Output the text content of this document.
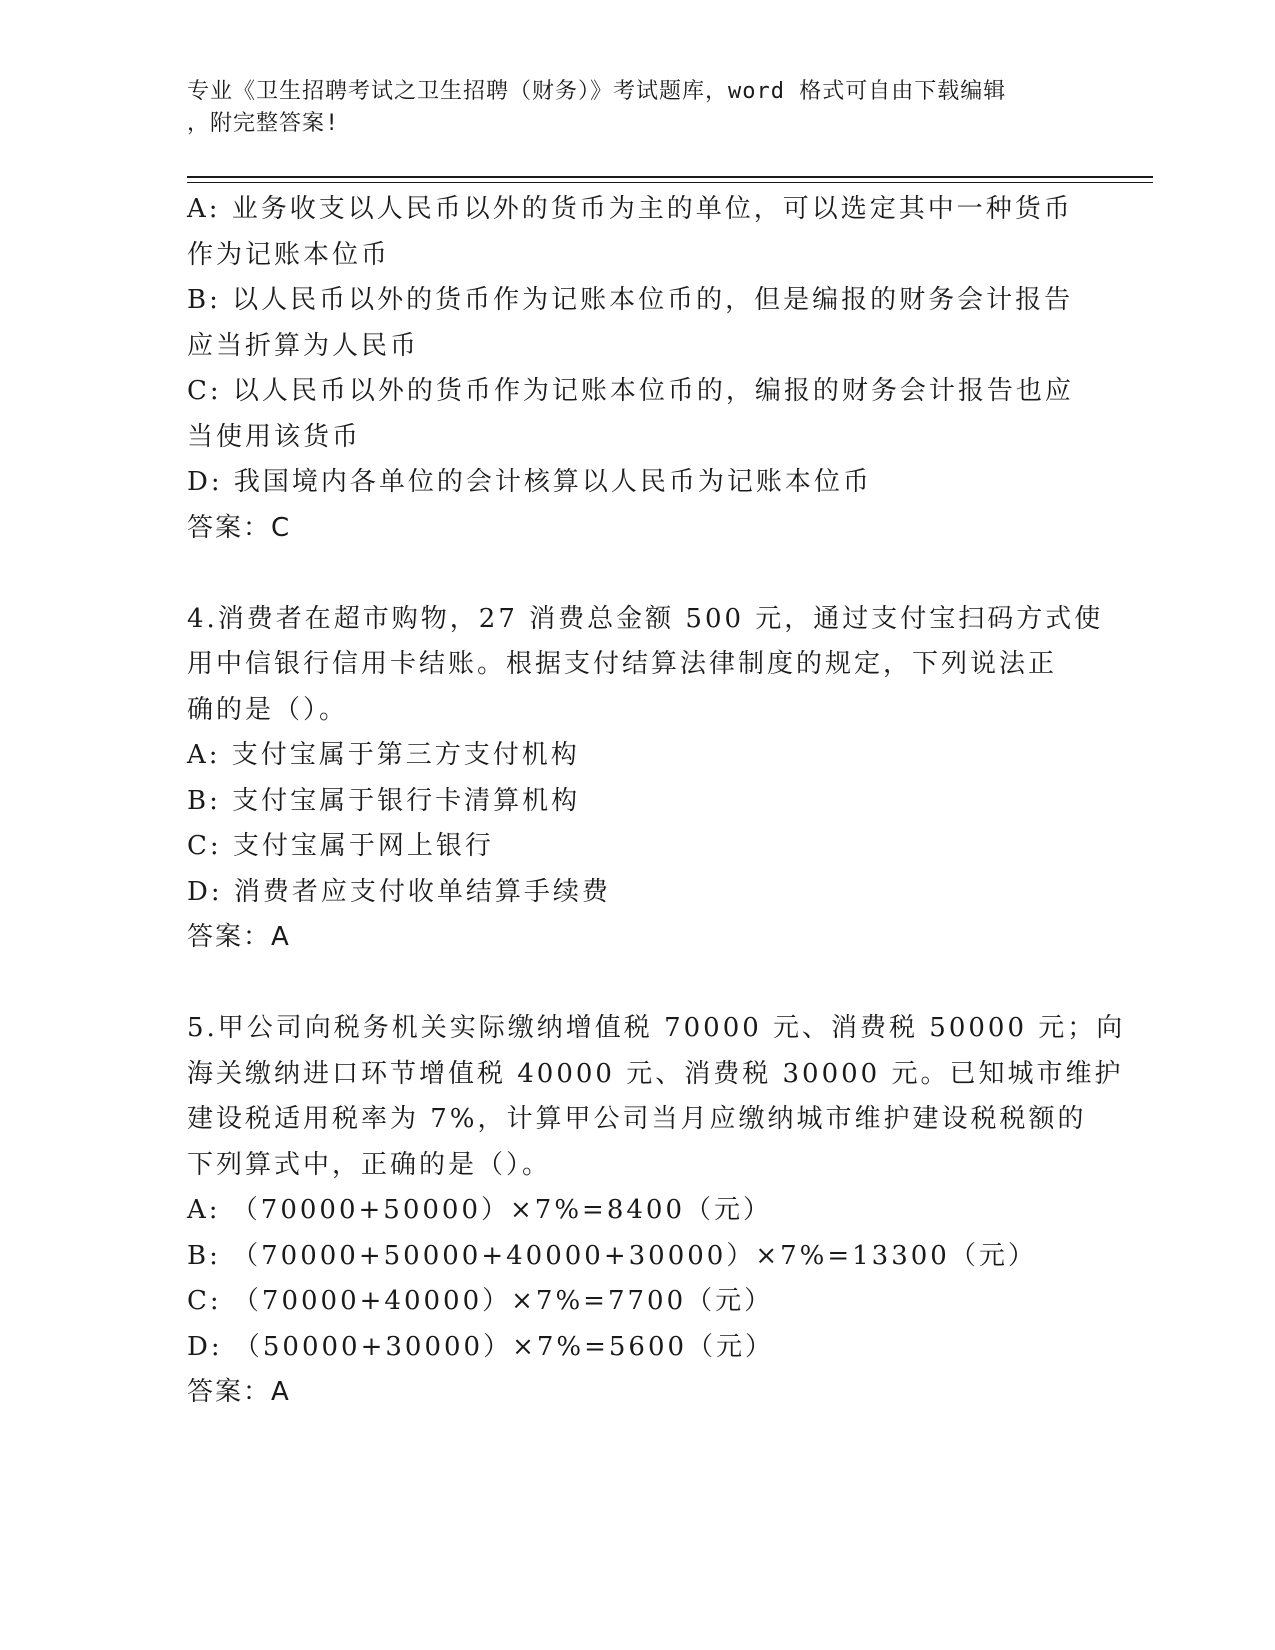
专业《卫生招聘考试之卫生招聘（财务）》考试题库，word 格式可自由下载编辑
，附完整答案!
A: 业务收支以人民币以外的货币为主的单位，可以选定其中一种货币
作为记账本位币
B: 以人民币以外的货币作为记账本位币的，但是编报的财务会计报告
应当折算为人民币
C: 以人民币以外的货币作为记账本位币的，编报的财务会计报告也应
当使用该货币
D: 我国境内各单位的会计核算以人民币为记账本位币
答案：C
4.消费者在超市购物，27 消费总金额 500 元，通过支付宝扫码方式使
用中信银行信用卡结账。根据支付结算法律制度的规定，下列说法正
确的是（）。
A: 支付宝属于第三方支付机构
B: 支付宝属于银行卡清算机构
C: 支付宝属于网上银行
D: 消费者应支付收单结算手续费
答案：A
5.甲公司向税务机关实际缴纳增值税 70000 元、消费税 50000 元；向
海关缴纳进口环节增值税 40000 元、消费税 30000 元。已知城市维护
建设税适用税率为 7%，计算甲公司当月应缴纳城市维护建设税税额的
下列算式中，正确的是（）。
A: （70000+50000）×7%=8400（元）
B: （70000+50000+40000+30000）×7%=13300（元）
C: （70000+40000）×7%=7700（元）
D: （50000+30000）×7%=5600（元）
答案：A
